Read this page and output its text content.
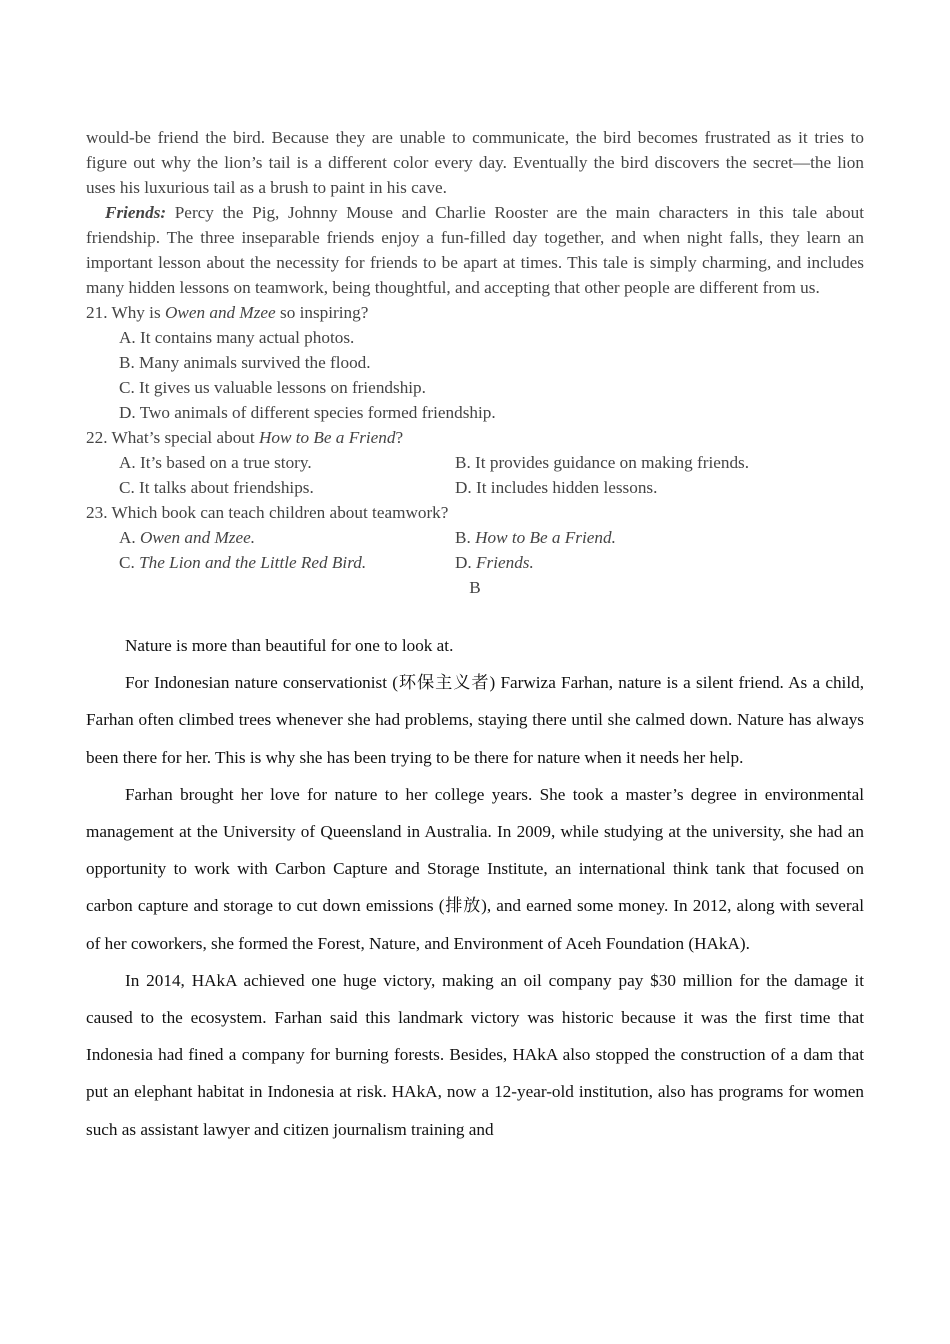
would-be friend the bird. Because they are unable to communicate, the bird becomes frustrated as it tries to figure out why the lion’s tail is a different color every day. Eventually the bird discovers the secret—the lion uses his luxurious tail as a brush to paint in his cave.

Friends: Percy the Pig, Johnny Mouse and Charlie Rooster are the main characters in this tale about friendship. The three inseparable friends enjoy a fun-filled day together, and when night falls, they learn an important lesson about the necessity for friends to be apart at times. This tale is simply charming, and includes many hidden lessons on teamwork, being thoughtful, and accepting that other people are different from us.

21. Why is Owen and Mzee so inspiring?
A. It contains many actual photos.
B. Many animals survived the flood.
C. It gives us valuable lessons on friendship.
D. Two animals of different species formed friendship.
22. What’s special about How to Be a Friend?
A. It’s based on a true story.	B. It provides guidance on making friends.
C. It talks about friendships.	D. It includes hidden lessons.
23. Which book can teach children about teamwork?
A. Owen and Mzee.	B. How to Be a Friend.
C. The Lion and the Little Red Bird.	D. Friends.
B

Nature is more than beautiful for one to look at.

For Indonesian nature conservationist (环保主义者) Farwiza Farhan, nature is a silent friend. As a child, Farhan often climbed trees whenever she had problems, staying there until she calmed down. Nature has always been there for her. This is why she has been trying to be there for nature when it needs her help.

Farhan brought her love for nature to her college years. She took a master’s degree in environmental management at the University of Queensland in Australia. In 2009, while studying at the university, she had an opportunity to work with Carbon Capture and Storage Institute, an international think tank that focused on carbon capture and storage to cut down emissions (排放), and earned some money. In 2012, along with several of her coworkers, she formed the Forest, Nature, and Environment of Aceh Foundation (HAkA).

In 2014, HAkA achieved one huge victory, making an oil company pay $30 million for the damage it caused to the ecosystem. Farhan said this landmark victory was historic because it was the first time that Indonesia had fined a company for burning forests. Besides, HAkA also stopped the construction of a dam that put an elephant habitat in Indonesia at risk. HAkA, now a 12-year-old institution, also has programs for women such as assistant lawyer and citizen journalism training and
